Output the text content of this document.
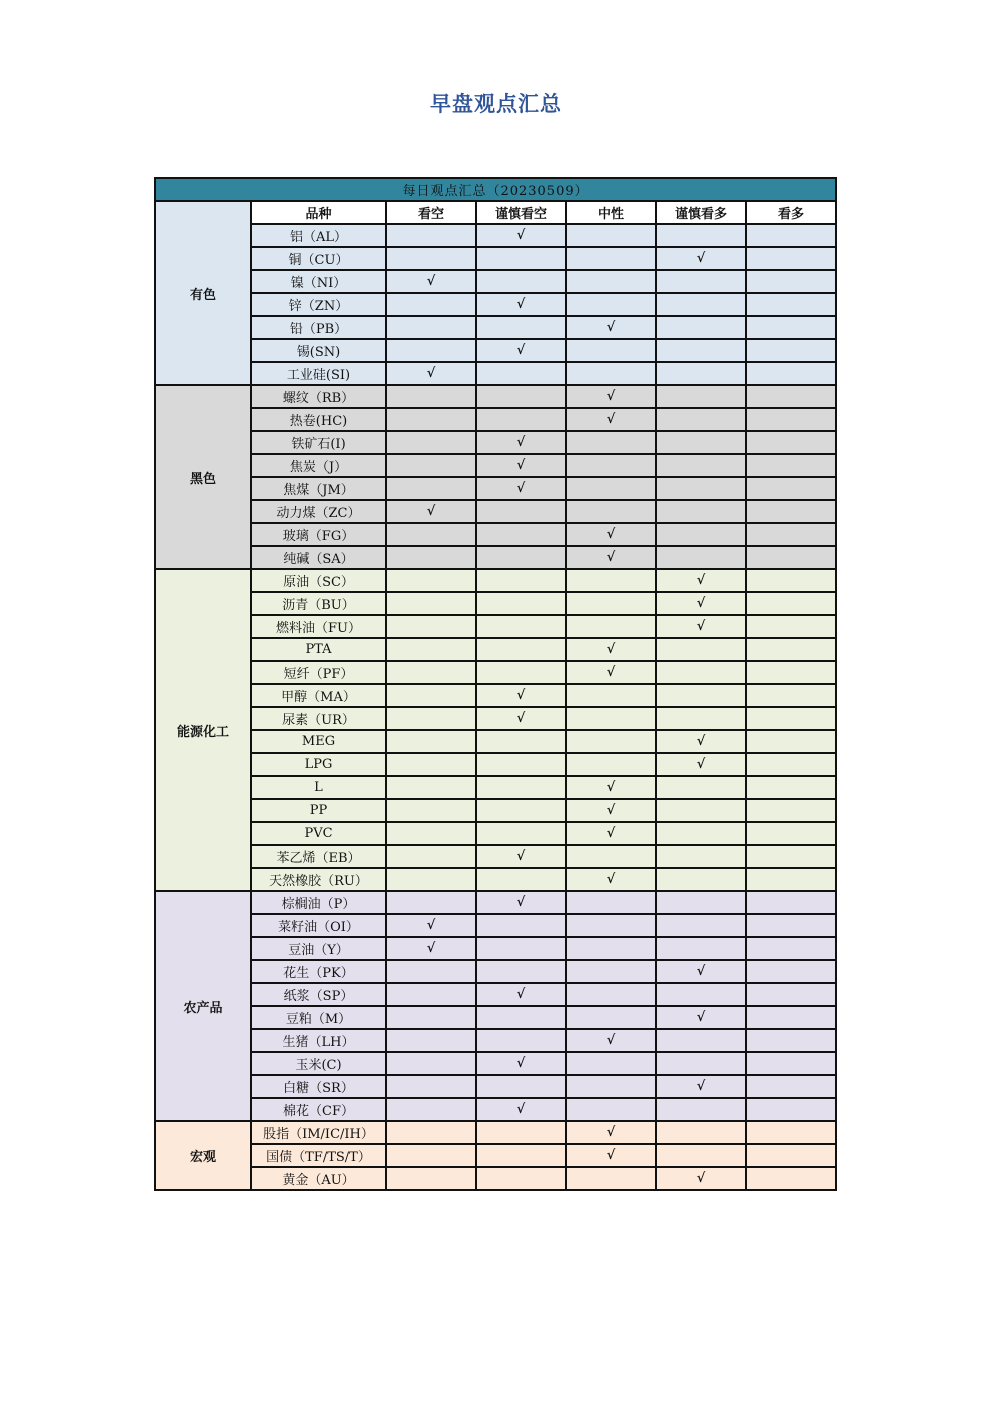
早盘观点汇总
每日观点汇总（20230509）						
有色	品种	看空	谨慎看空	中性	谨慎看多	看多
	铝（AL）		√			
	铜（CU）				√	
	镍（NI）	√				
	锌（ZN）		√			
	铅（PB）			√		
	锡(SN)		√			
	工业硅(SI)	√				
黑色	螺纹（RB）			√		
	热卷(HC)			√		
	铁矿石(I)		√			
	焦炭（J）		√			
	焦煤（JM）		√			
	动力煤（ZC）	√				
	玻璃（FG）			√		
	纯碱（SA）			√		
能源化工	原油（SC）				√	
	沥青（BU）				√	
	燃料油（FU）				√	
	PTA			√		
	短纤（PF）			√		
	甲醇（MA）		√			
	尿素（UR）		√			
	MEG				√	
	LPG				√	
	L			√		
	PP			√		
	PVC			√		
	苯乙烯（EB）		√			
	天然橡胶（RU）			√		
农产品	棕榈油（P）		√			
	菜籽油（OI）	√				
	豆油（Y）	√				
	花生（PK）				√	
	纸浆（SP）		√			
	豆粕（M）				√	
	生猪（LH）			√		
	玉米(C)		√			
	白糖（SR）				√	
	棉花（CF）		√			
宏观	股指（IM/IC/IH）			√		
	国债（TF/TS/T）			√		
	黄金（AU）				√	
